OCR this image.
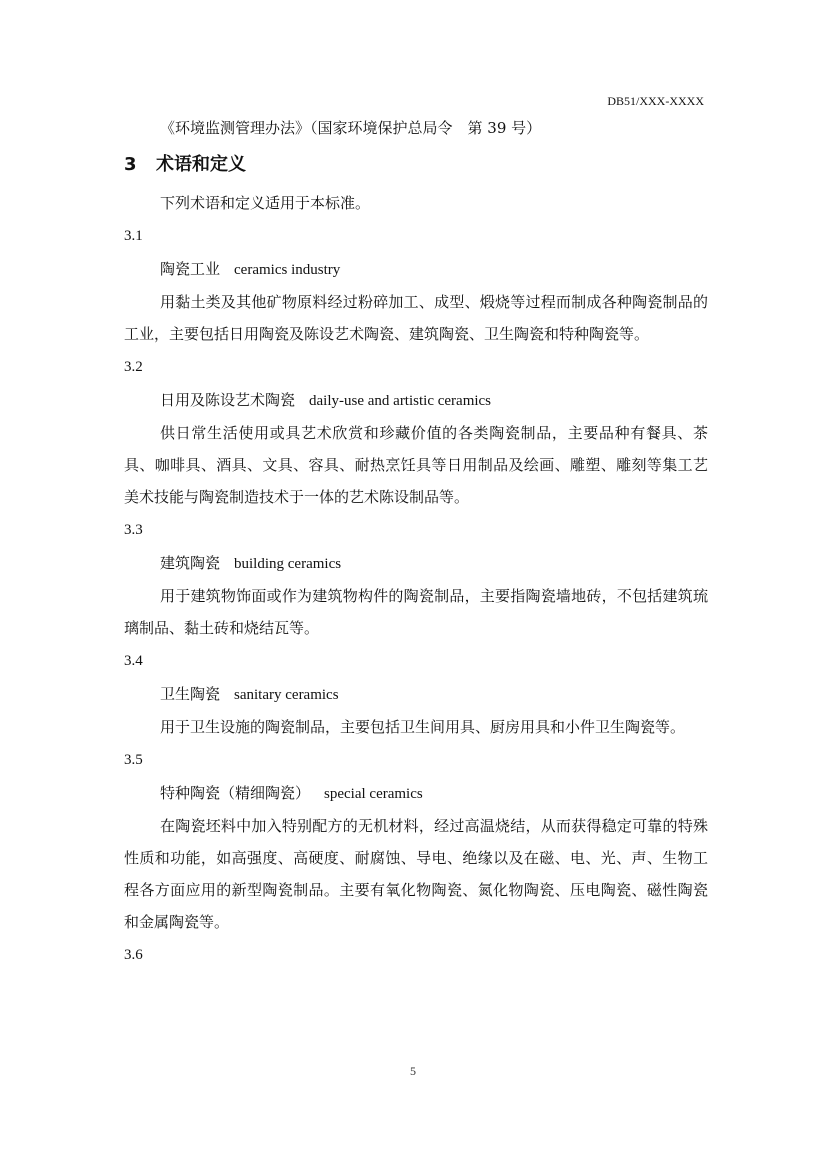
DB51/XXX-XXXX

《环境监测管理办法》（国家环境保护总局令　第 39 号）

3 术语和定义

下列术语和定义适用于本标准。

3.1

陶瓷工业 ceramics industry

用黏土类及其他矿物原料经过粉碎加工、成型、煅烧等过程而制成各种陶瓷制品的工业，主要包括日用陶瓷及陈设艺术陶瓷、建筑陶瓷、卫生陶瓷和特种陶瓷等。

3.2

日用及陈设艺术陶瓷 daily-use and artistic ceramics

供日常生活使用或具艺术欣赏和珍藏价值的各类陶瓷制品，主要品种有餐具、茶具、咖啡具、酒具、文具、容具、耐热烹饪具等日用制品及绘画、雕塑、雕刻等集工艺美术技能与陶瓷制造技术于一体的艺术陈设制品等。

3.3

建筑陶瓷 building ceramics

用于建筑物饰面或作为建筑物构件的陶瓷制品，主要指陶瓷墙地砖，不包括建筑琉璃制品、黏土砖和烧结瓦等。

3.4

卫生陶瓷 sanitary ceramics

用于卫生设施的陶瓷制品，主要包括卫生间用具、厨房用具和小件卫生陶瓷等。

3.5

特种陶瓷（精细陶瓷） special ceramics

在陶瓷坯料中加入特别配方的无机材料，经过高温烧结，从而获得稳定可靠的特殊性质和功能，如高强度、高硬度、耐腐蚀、导电、绝缘以及在磁、电、光、声、生物工程各方面应用的新型陶瓷制品。主要有氧化物陶瓷、氮化物陶瓷、压电陶瓷、磁性陶瓷和金属陶瓷等。

3.6

5
